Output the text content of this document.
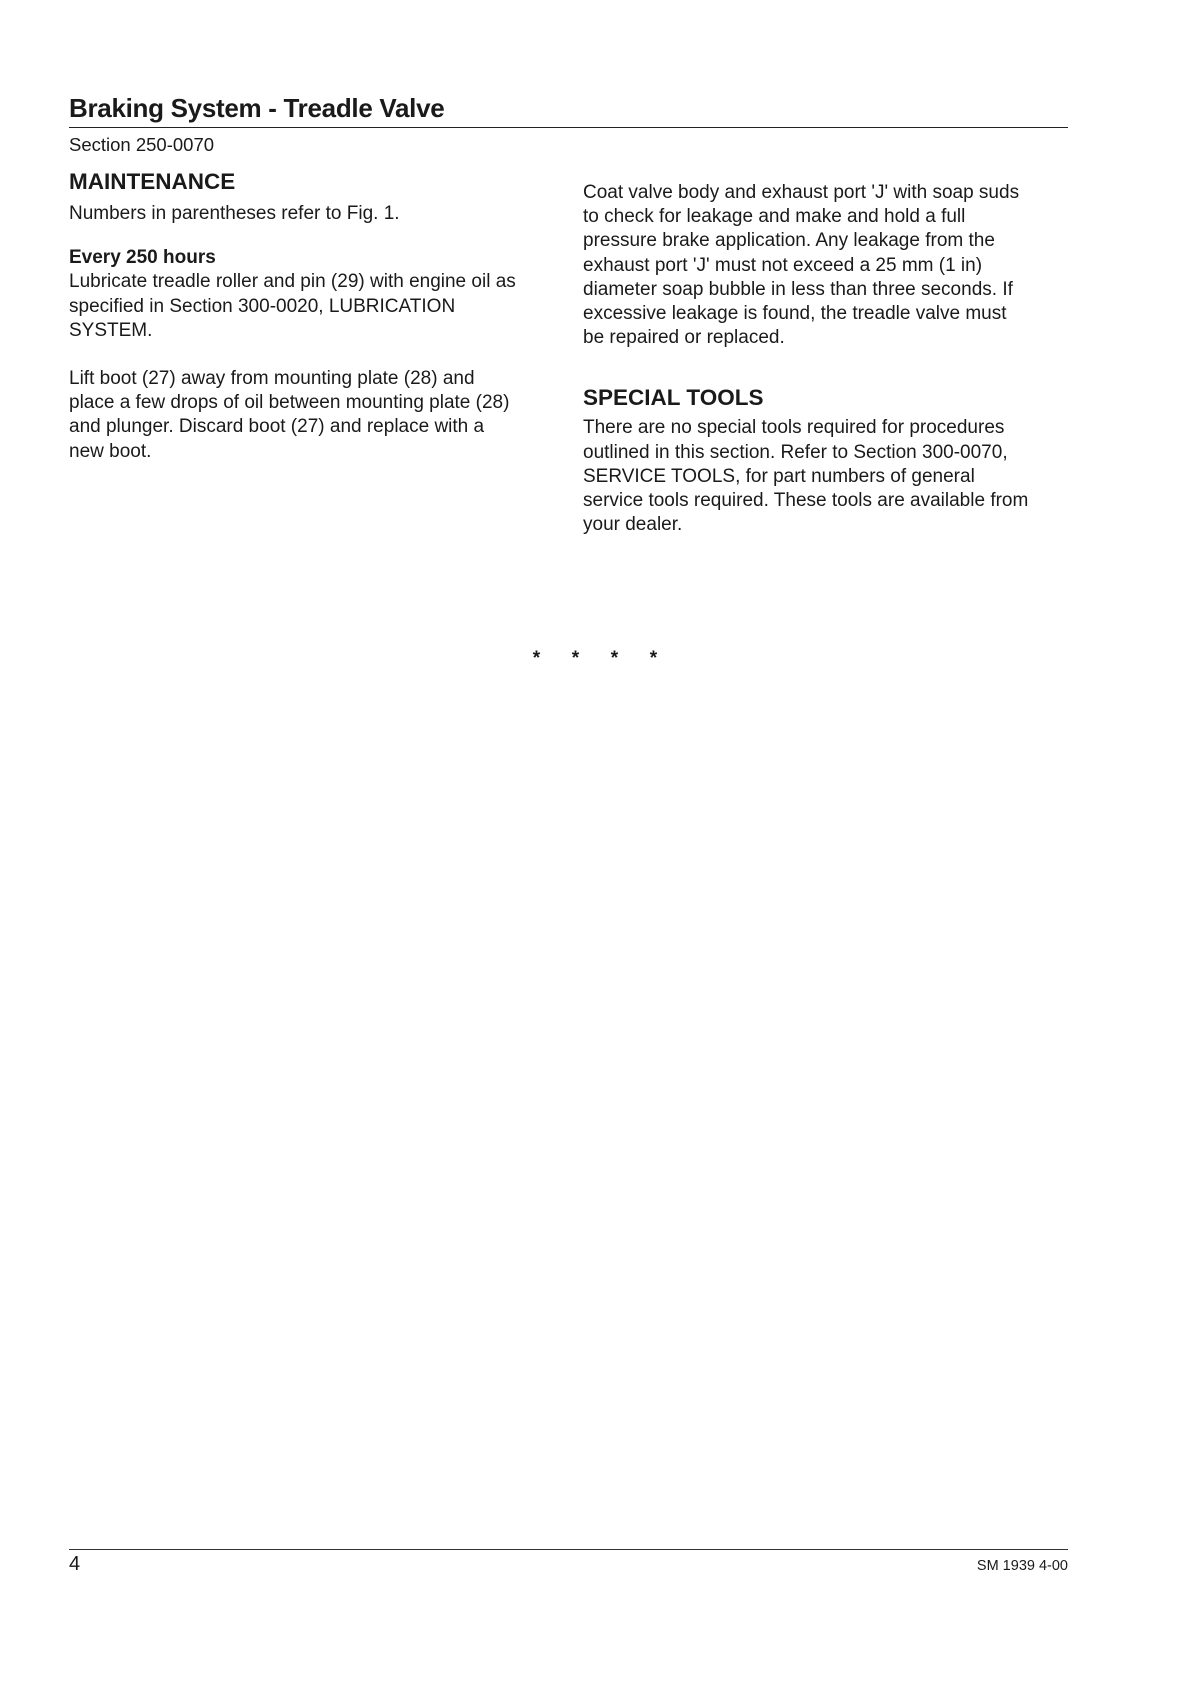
Braking System - Treadle Valve
Section 250-0070
MAINTENANCE

Numbers in parentheses refer to Fig. 1.

Every 250 hours

Lubricate treadle roller and pin (29) with engine oil as
specified in Section 300-0020, LUBRICATION
SYSTEM.

Lift boot (27) away from mounting plate (28) and
place a few drops of oil between mounting plate (28)
and plunger. Discard boot (27) and replace with a
new boot.

Coat valve body and exhaust port 'J' with soap suds
to check for leakage and make and hold a full
pressure brake application. Any leakage from the
exhaust port 'J' must not exceed a 25 mm (1 in)
diameter soap bubble in less than three seconds. If
excessive leakage is found, the treadle valve must
be repaired or replaced.

SPECIAL TOOLS

There are no special tools required for procedures
outlined in this section. Refer to Section 300-0070,
SERVICE TOOLS, for part numbers of general
service tools required. These tools are available from
your dealer.

* * * *
4	SM 1939 4-00
